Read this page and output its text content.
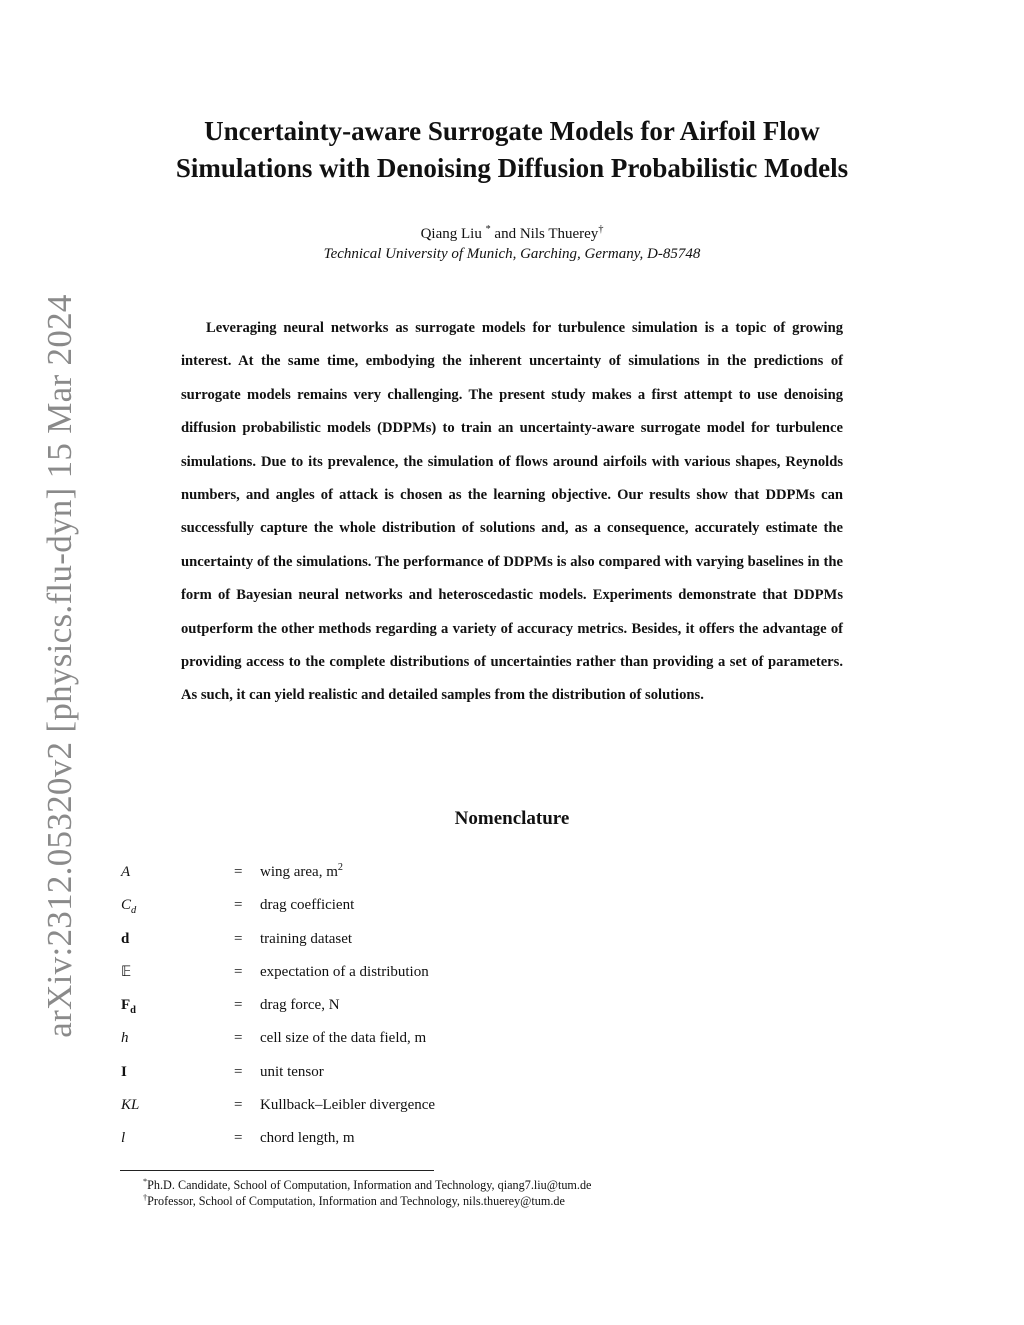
arXiv:2312.05320v2 [physics.flu-dyn] 15 Mar 2024
Uncertainty-aware Surrogate Models for Airfoil Flow
Simulations with Denoising Diffusion Probabilistic Models
Qiang Liu * and Nils Thuerey†
Technical University of Munich, Garching, Germany, D-85748

Leveraging neural networks as surrogate models for turbulence simulation is a topic of growing interest. At the same time, embodying the inherent uncertainty of simulations in the predictions of surrogate models remains very challenging. The present study makes a first attempt to use denoising diffusion probabilistic models (DDPMs) to train an uncertainty-aware surrogate model for turbulence simulations. Due to its prevalence, the simulation of flows around airfoils with various shapes, Reynolds numbers, and angles of attack is chosen as the learning objective. Our results show that DDPMs can successfully capture the whole distribution of solutions and, as a consequence, accurately estimate the uncertainty of the simulations. The performance of DDPMs is also compared with varying baselines in the form of Bayesian neural networks and heteroscedastic models. Experiments demonstrate that DDPMs outperform the other methods regarding a variety of accuracy metrics. Besides, it offers the advantage of providing access to the complete distributions of uncertainties rather than providing a set of parameters. As such, it can yield realistic and detailed samples from the distribution of solutions.

Nomenclature
A	= wing area, $m^2$
$C_d$	= drag coefficient
d	= training dataset
𝔼	= expectation of a distribution
$F_d$	= drag force, N
h	= cell size of the data field, m
I	= unit tensor
KL	= Kullback–Leibler divergence
l	= chord length, m
*Ph.D. Candidate, School of Computation, Information and Technology, qiang7.liu@tum.de
†Professor, School of Computation, Information and Technology, nils.thuerey@tum.de
